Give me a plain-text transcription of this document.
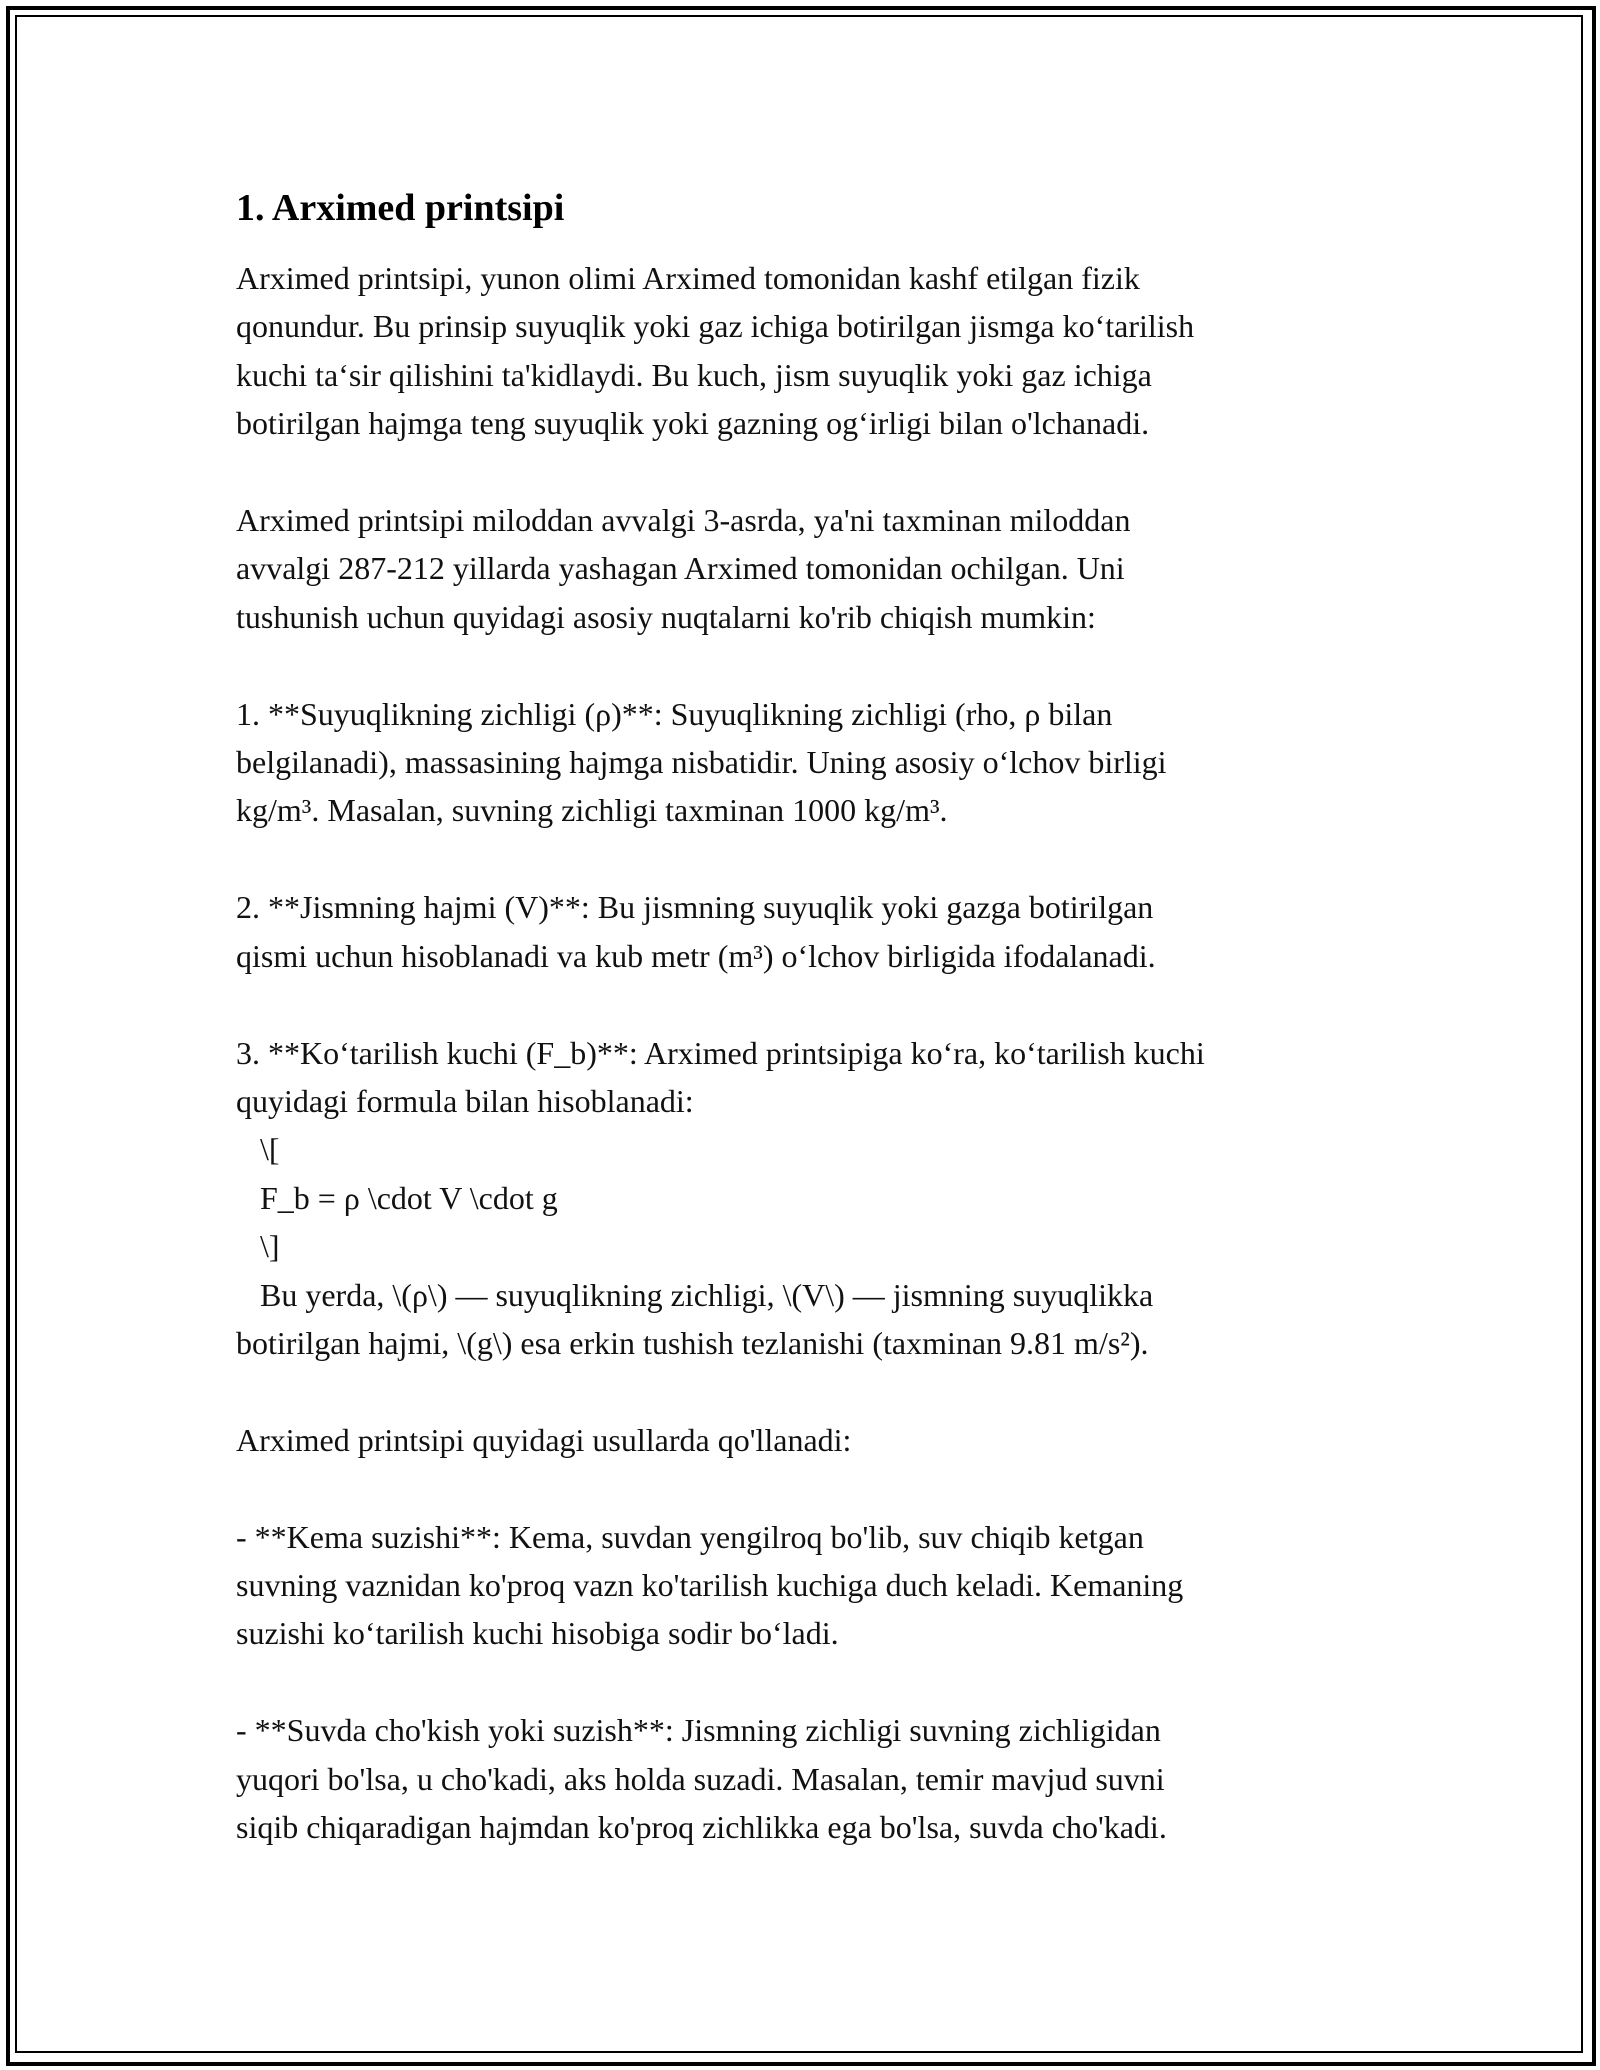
1. Arximed printsipi

Arximed printsipi, yunon olimi Arximed tomonidan kashf etilgan fizik
qonundur. Bu prinsip suyuqlik yoki gaz ichiga botirilgan jismga ko‘tarilish
kuchi ta‘sir qilishini ta'kidlaydi. Bu kuch, jism suyuqlik yoki gaz ichiga
botirilgan hajmga teng suyuqlik yoki gazning og‘irligi bilan o'lchanadi.

Arximed printsipi miloddan avvalgi 3-asrda, ya'ni taxminan miloddan
avvalgi 287-212 yillarda yashagan Arximed tomonidan ochilgan. Uni
tushunish uchun quyidagi asosiy nuqtalarni ko'rib chiqish mumkin:

1. **Suyuqlikning zichligi (ρ)**: Suyuqlikning zichligi (rho, ρ bilan
belgilanadi), massasining hajmga nisbatidir. Uning asosiy o‘lchov birligi
kg/m³. Masalan, suvning zichligi taxminan 1000 kg/m³.

2. **Jismning hajmi (V)**: Bu jismning suyuqlik yoki gazga botirilgan
qismi uchun hisoblanadi va kub metr (m³) o‘lchov birligida ifodalanadi.

3. **Ko‘tarilish kuchi (F_b)**: Arximed printsipiga ko‘ra, ko‘tarilish kuchi
quyidagi formula bilan hisoblanadi:
\[
F_b = ρ \cdot V \cdot g
\]
Bu yerda, \(ρ\) — suyuqlikning zichligi, \(V\) — jismning suyuqlikka
botirilgan hajmi, \(g\) esa erkin tushish tezlanishi (taxminan 9.81 m/s²).

Arximed printsipi quyidagi usullarda qo'llanadi:

- **Kema suzishi**: Kema, suvdan yengilroq bo'lib, suv chiqib ketgan
suvning vaznidan ko'proq vazn ko'tarilish kuchiga duch keladi. Kemaning
suzishi ko‘tarilish kuchi hisobiga sodir bo‘ladi.

- **Suvda cho'kish yoki suzish**: Jismning zichligi suvning zichligidan
yuqori bo'lsa, u cho'kadi, aks holda suzadi. Masalan, temir mavjud suvni
siqib chiqaradigan hajmdan ko'proq zichlikka ega bo'lsa, suvda cho'kadi.
